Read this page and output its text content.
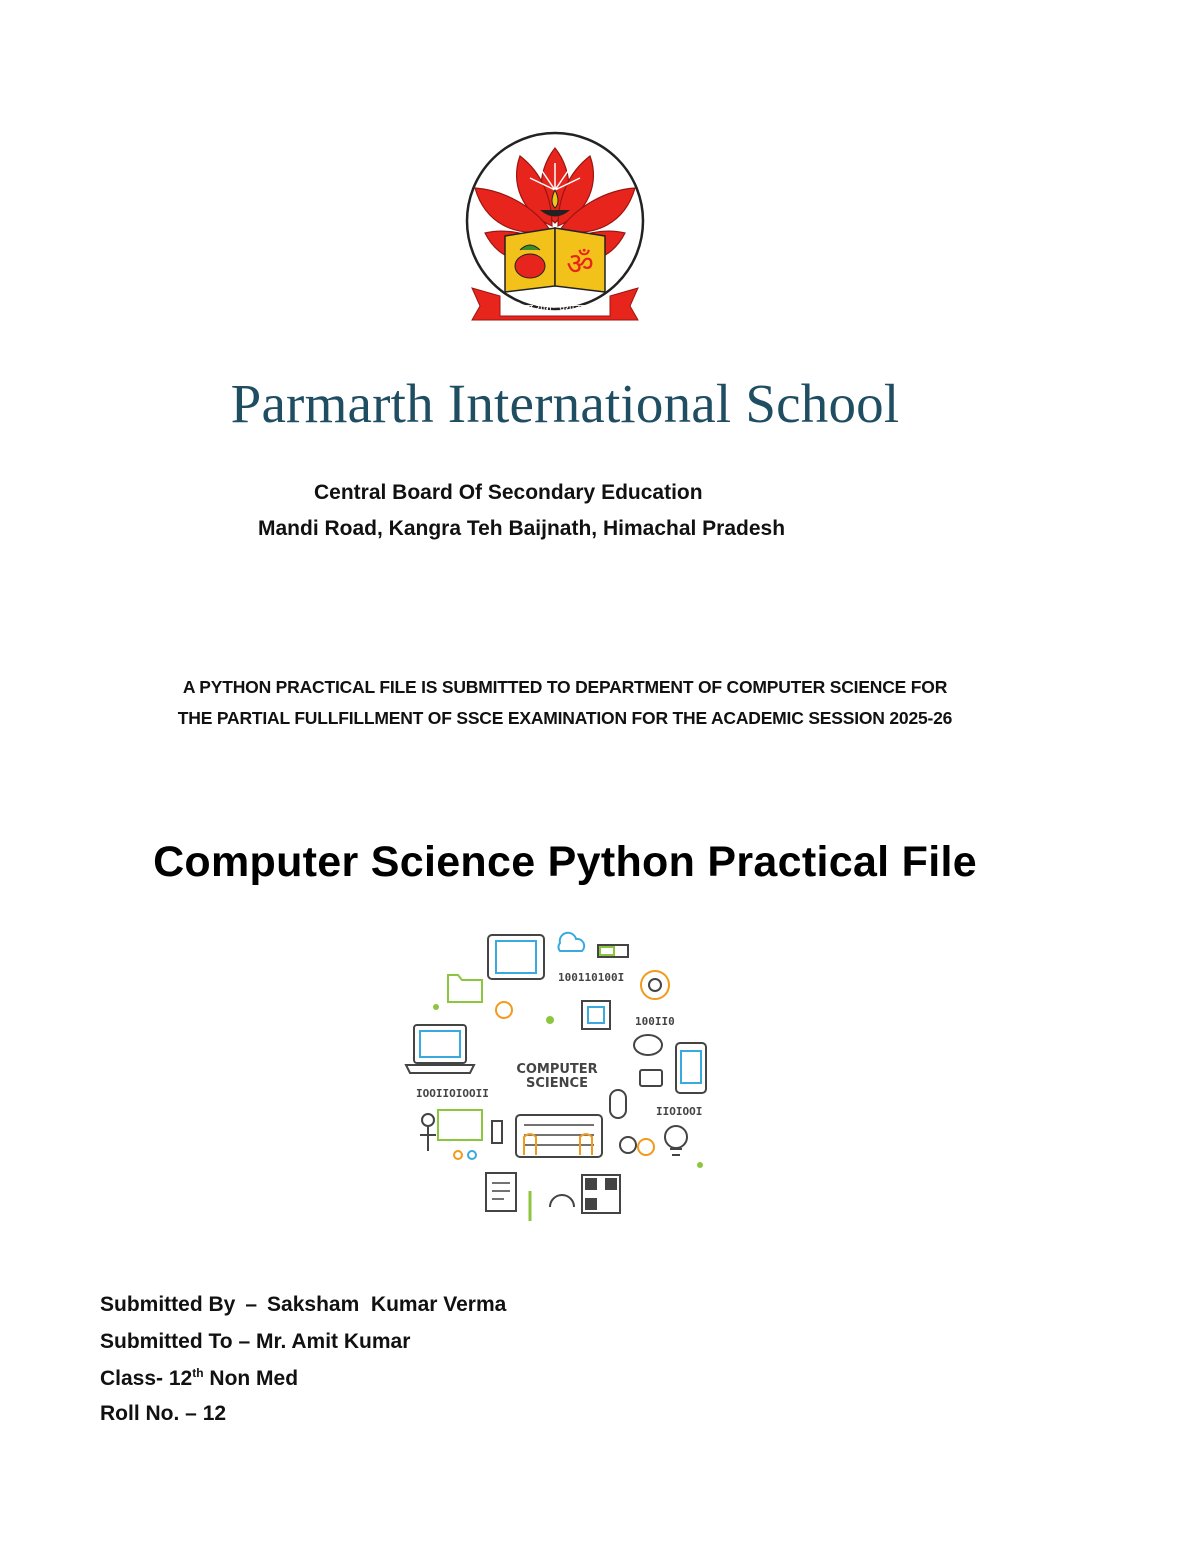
ॐ
विद्या योग: प्रयोदयात
Parmarth International School
Central Board Of Secondary Education
Mandi Road, Kangra Teh Baijnath, Himachal Pradesh
A PYTHON PRACTICAL FILE IS SUBMITTED TO DEPARTMENT OF COMPUTER SCIENCE FOR
THE PARTIAL FULLFILLMENT OF SSCE EXAMINATION FOR THE ACADEMIC SESSION 2025-26
Computer Science Python Practical File
100110100I
100II0
IOOIIOIOOII
IIOIOOI
COMPUTER
SCIENCE
Submitted By – Saksham  Kumar Verma
Submitted To – Mr. Amit Kumar
Class- 12th Non Med
Roll No. – 12
